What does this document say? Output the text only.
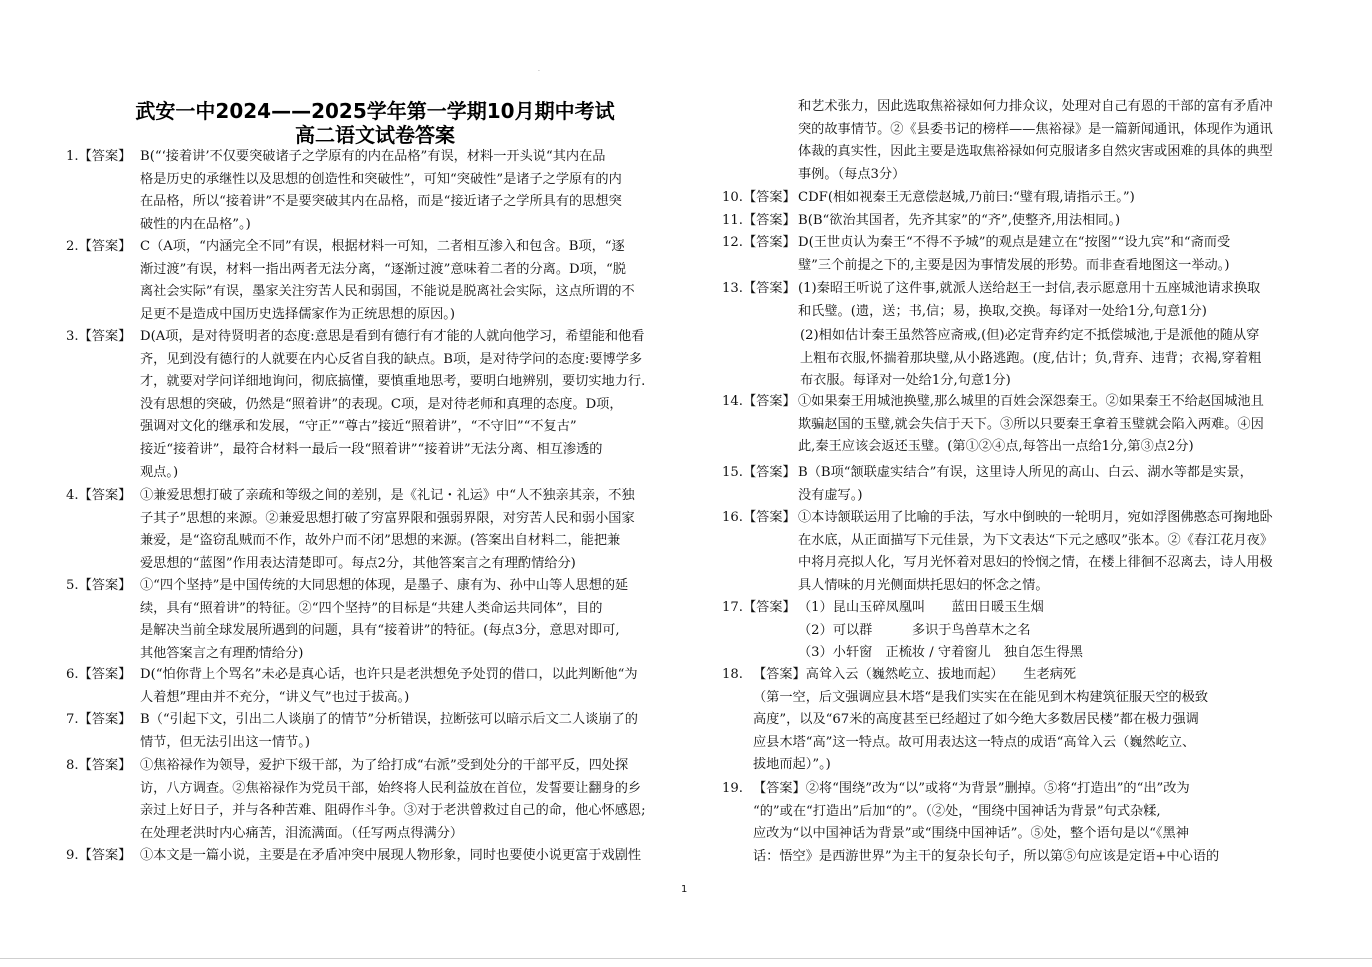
.
武安一中2024——2025学年第一学期10月期中考试
高二语文试卷答案
1.【答案】 B(“‘接着讲’不仅要突破诸子之学原有的内在品格”有误，材料一开头说“其内在品
格是历史的承继性以及思想的创造性和突破性”，可知“突破性”是诸子之学原有的内
在品格，所以“接着讲”不是要突破其内在品格，而是“接近诸子之学所具有的思想突
破性的内在品格”。)
2.【答案】 C（A项，“内涵完全不同”有误，根据材料一可知，二者相互渗入和包含。B项，“逐
渐过渡”有误，材料一指出两者无法分离，“逐渐过渡”意味着二者的分离。D项，“脱
离社会实际”有误，墨家关注穷苦人民和弱国，不能说是脱离社会实际，这点所谓的不
足更不是造成中国历史选择儒家作为正统思想的原因。)
3.【答案】 D(A项，是对待贤明者的态度:意思是看到有德行有才能的人就向他学习，希望能和他看
齐，见到没有德行的人就要在内心反省自我的缺点。B项，是对待学问的态度:要博学多
才，就要对学问详细地询问，彻底搞懂，要慎重地思考，要明白地辨别，要切实地力行.
没有思想的突破，仍然是“照着讲”的表现。C项，是对待老师和真理的态度。D项，
强调对文化的继承和发展，“守正”“尊古”接近“照着讲”，“不守旧”“不复古”
接近“接着讲”，最符合材料一最后一段“照着讲”“接着讲”无法分离、相互渗透的
观点。)
4.【答案】 ①兼爱思想打破了亲疏和等级之间的差别，是《礼记・礼运》中“人不独亲其亲，不独
子其子”思想的来源。②兼爱思想打破了穷富界限和强弱界限，对穷苦人民和弱小国家
兼爱，是“盗窃乱贼而不作，故外户而不闭”思想的来源。(答案出自材料二，能把兼
爱思想的“蓝图”作用表达清楚即可。每点2分，其他答案言之有理酌情给分)
5.【答案】 ①“四个坚持”是中国传统的大同思想的体现，是墨子、康有为、孙中山等人思想的延
续，具有“照着讲”的特征。②“四个坚持”的目标是“共建人类命运共同体”，目的
是解决当前全球发展所遇到的问题，具有“接着讲”的特征。(每点3分，意思对即可,
其他答案言之有理酌情给分)
6.【答案】 D(“怕你背上个骂名”未必是真心话，也许只是老洪想免予处罚的借口，以此判断他“为
人着想”理由并不充分，“讲义气”也过于拔高。)
7.【答案】 B（“引起下文，引出二人谈崩了的情节”分析错误，拉断弦可以暗示后文二人谈崩了的
情节，但无法引出这一情节。)
8.【答案】 ①焦裕禄作为领导，爱护下级干部，为了给打成“右派”受到处分的干部平反，四处探
访，八方调查。②焦裕禄作为党员干部，始终将人民利益放在首位，发誓要让翻身的乡
亲过上好日子，并与各种苦难、阻碍作斗争。③对于老洪曾救过自己的命，他心怀感恩;
在处理老洪时内心痛苦，泪流满面。（任写两点得满分）
9.【答案】 ①本文是一篇小说，主要是在矛盾冲突中展现人物形象，同时也要使小说更富于戏剧性
和艺术张力，因此选取焦裕禄如何力排众议，处理对自己有恩的干部的富有矛盾冲
突的故事情节。②《县委书记的榜样——焦裕禄》是一篇新闻通讯，体现作为通讯
体裁的真实性，因此主要是选取焦裕禄如何克服诸多自然灾害或困难的具体的典型
事例。（每点3分）
10.【答案】 CDF(相如视秦王无意偿赵城,乃前曰:“璧有瑕,请指示王。”)
11.【答案】 B(B“欲治其国者，先齐其家”的“齐”,使整齐,用法相同。)
12.【答案】 D(王世贞认为秦王“不得不予城”的观点是建立在“按图”“设九宾”和“斋而受
璧”三个前提之下的,主要是因为事情发展的形势。而非查看地图这一举动。)
13.【答案】 (1)秦昭王听说了这件事,就派人送给赵王一封信,表示愿意用十五座城池请求换取
和氏璧。(遗，送；书,信；易，换取,交换。每译对一处给1分,句意1分)
(2)相如估计秦王虽然答应斋戒,(但)必定背弃约定不抵偿城池,于是派他的随从穿
上粗布衣服,怀揣着那块璧,从小路逃跑。(度,估计；负,背弃、违背；衣褐,穿着粗
布衣服。每译对一处给1分,句意1分)
14.【答案】 ①如果秦王用城池换璧,那么城里的百姓会深怨秦王。②如果秦王不给赵国城池且
欺骗赵国的玉璧,就会失信于天下。③所以只要秦王拿着玉璧就会陷入两难。④因
此,秦王应该会返还玉璧。(第①②④点,每答出一点给1分,第③点2分)
15.【答案】 B（B项“颔联虚实结合”有误，这里诗人所见的高山、白云、湖水等都是实景，
没有虚写。)
16.【答案】 ①本诗颔联运用了比喻的手法，写水中倒映的一轮明月，宛如浮图佛憨态可掬地卧
在水底，从正面描写下元佳景，为下文表达“下元之感叹”张本。②《春江花月夜》
中将月亮拟人化，写月光怀着对思妇的怜悯之情，在楼上徘徊不忍离去，诗人用极
具人情味的月光侧面烘托思妇的怀念之情。
17.【答案】 （1）昆山玉碎凤凰叫　　蓝田日暖玉生烟
（2）可以群　　　多识于鸟兽草木之名
（3）小轩窗　正梳妆 / 守着窗儿　独自怎生得黑
18. 【答案】高耸入云（巍然屹立、拔地而起）　　生老病死
（第一空，后文强调应县木塔“是我们实实在在能见到木构建筑征服天空的极致
高度”，以及“67米的高度甚至已经超过了如今绝大多数居民楼”都在极力强调
应县木塔“高”这一特点。故可用表达这一特点的成语“高耸入云（巍然屹立、
拔地而起）”。)
19. 【答案】②将“围绕”改为“以”或将“为背景”删掉。⑤将“打造出”的“出”改为
“的”或在“打造出”后加“的”。（②处，“围绕中国神话为背景”句式杂糅,
应改为“以中国神话为背景”或“围绕中国神话”。⑤处，整个语句是以“《黑神
话：悟空》是西游世界”为主干的复杂长句子，所以第⑤句应该是定语+中心语的
1
